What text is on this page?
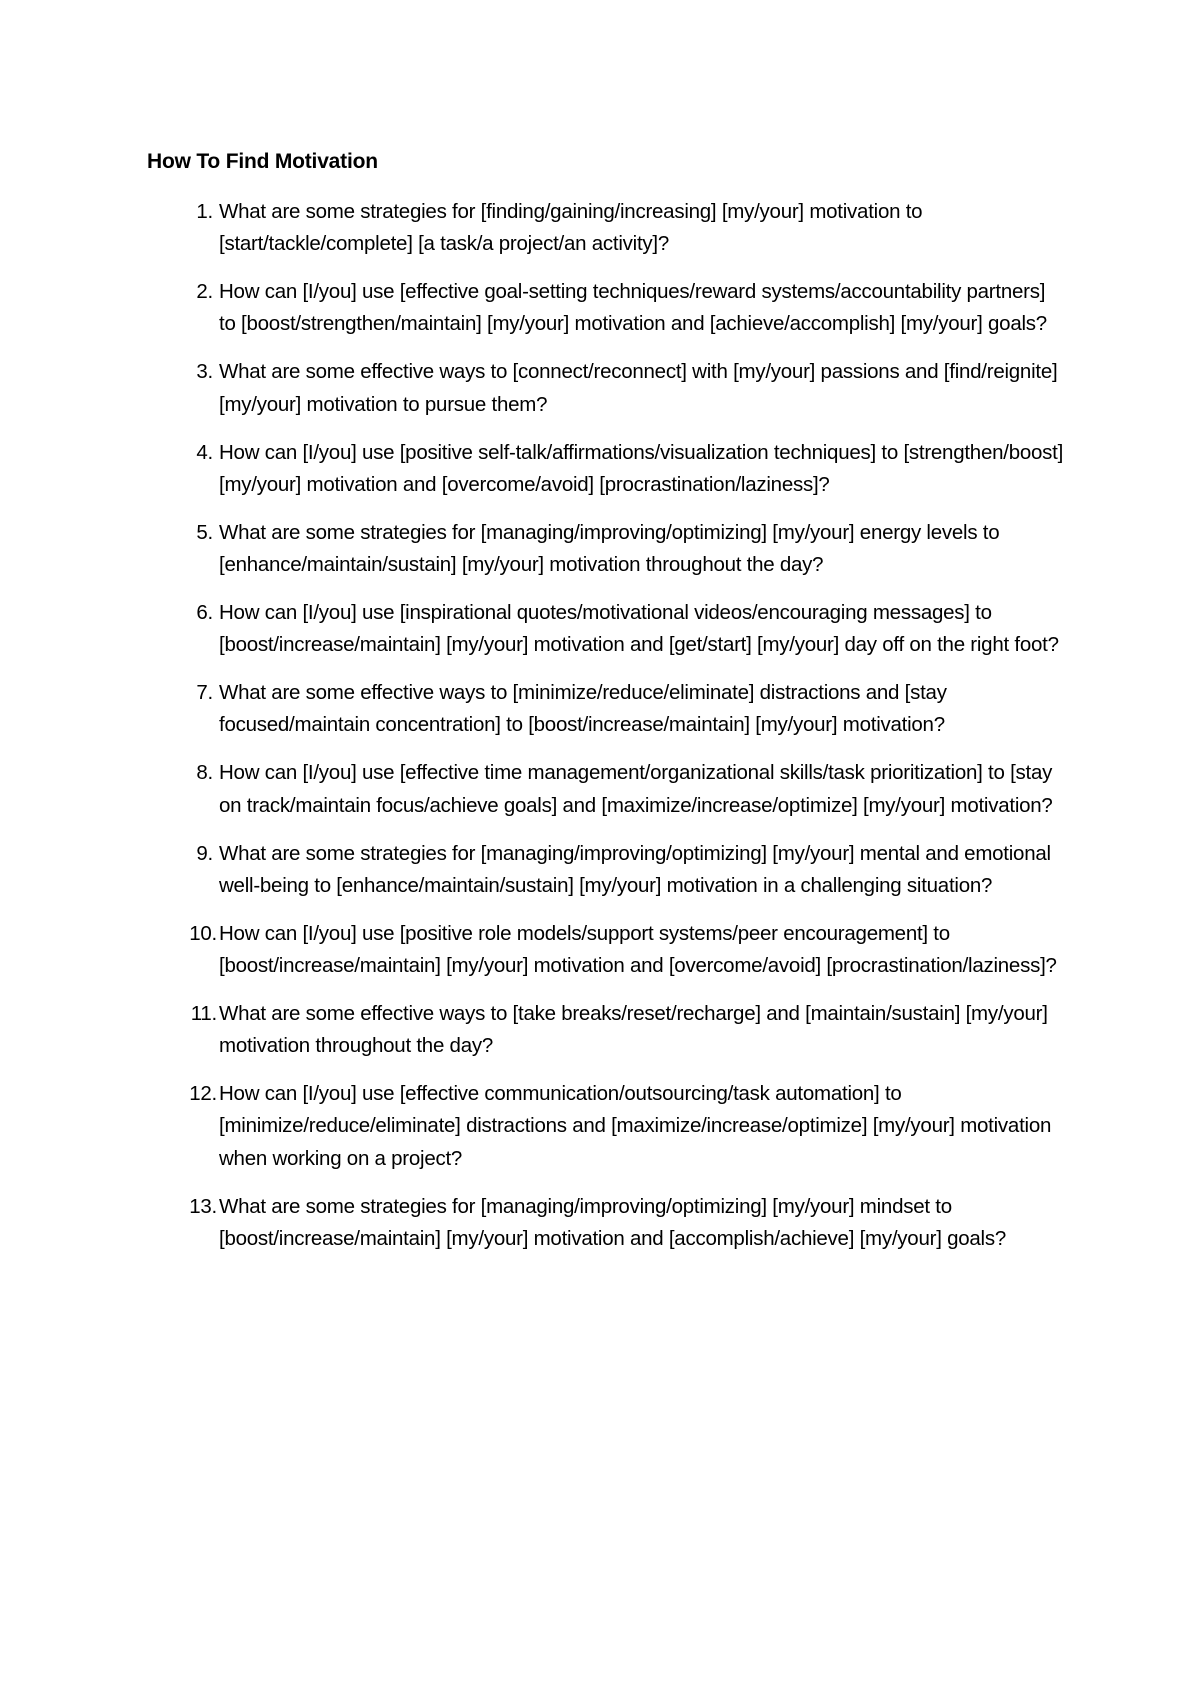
How To Find Motivation
1. What are some strategies for [finding/gaining/increasing] [my/your] motivation to [start/tackle/complete] [a task/a project/an activity]?
2. How can [I/you] use [effective goal-setting techniques/reward systems/accountability partners] to [boost/strengthen/maintain] [my/your] motivation and [achieve/accomplish] [my/your] goals?
3. What are some effective ways to [connect/reconnect] with [my/your] passions and [find/reignite] [my/your] motivation to pursue them?
4. How can [I/you] use [positive self-talk/affirmations/visualization techniques] to [strengthen/boost] [my/your] motivation and [overcome/avoid] [procrastination/laziness]?
5. What are some strategies for [managing/improving/optimizing] [my/your] energy levels to [enhance/maintain/sustain] [my/your] motivation throughout the day?
6. How can [I/you] use [inspirational quotes/motivational videos/encouraging messages] to [boost/increase/maintain] [my/your] motivation and [get/start] [my/your] day off on the right foot?
7. What are some effective ways to [minimize/reduce/eliminate] distractions and [stay focused/maintain concentration] to [boost/increase/maintain] [my/your] motivation?
8. How can [I/you] use [effective time management/organizational skills/task prioritization] to [stay on track/maintain focus/achieve goals] and [maximize/increase/optimize] [my/your] motivation?
9. What are some strategies for [managing/improving/optimizing] [my/your] mental and emotional well-being to [enhance/maintain/sustain] [my/your] motivation in a challenging situation?
10. How can [I/you] use [positive role models/support systems/peer encouragement] to [boost/increase/maintain] [my/your] motivation and [overcome/avoid] [procrastination/laziness]?
11. What are some effective ways to [take breaks/reset/recharge] and [maintain/sustain] [my/your] motivation throughout the day?
12. How can [I/you] use [effective communication/outsourcing/task automation] to [minimize/reduce/eliminate] distractions and [maximize/increase/optimize] [my/your] motivation when working on a project?
13. What are some strategies for [managing/improving/optimizing] [my/your] mindset to [boost/increase/maintain] [my/your] motivation and [accomplish/achieve] [my/your] goals?
